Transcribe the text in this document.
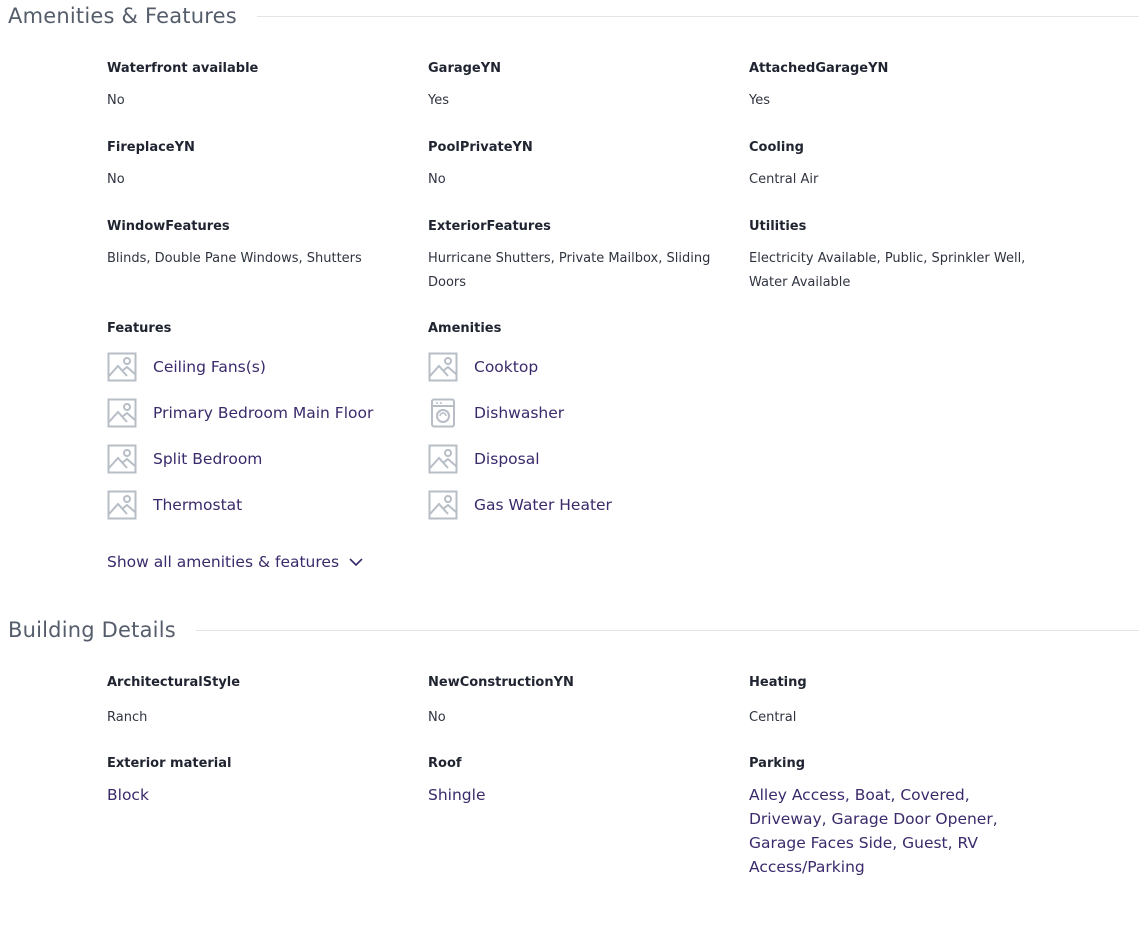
Amenities & Features

Waterfront available

No

GarageYN

Yes

AttachedGarageYN

Yes

FireplaceYN

No

PoolPrivateYN

No

Cooling

Central Air

WindowFeatures

Blinds, Double Pane Windows, Shutters

ExteriorFeatures

Hurricane Shutters, Private Mailbox, Sliding Doors

Utilities

Electricity Available, Public, Sprinkler Well, Water Available

Features

Ceiling Fans(s)
Primary Bedroom Main Floor
Split Bedroom
Thermostat

Amenities

Cooktop
Dishwasher
Disposal
Gas Water Heater
Show all amenities & features
Building Details

ArchitecturalStyle

Ranch

NewConstructionYN

No

Heating

Central

Exterior material

Block

Roof

Shingle

Parking

Alley Access, Boat, Covered, Driveway, Garage Door Opener, Garage Faces Side, Guest, RV Access/Parking
